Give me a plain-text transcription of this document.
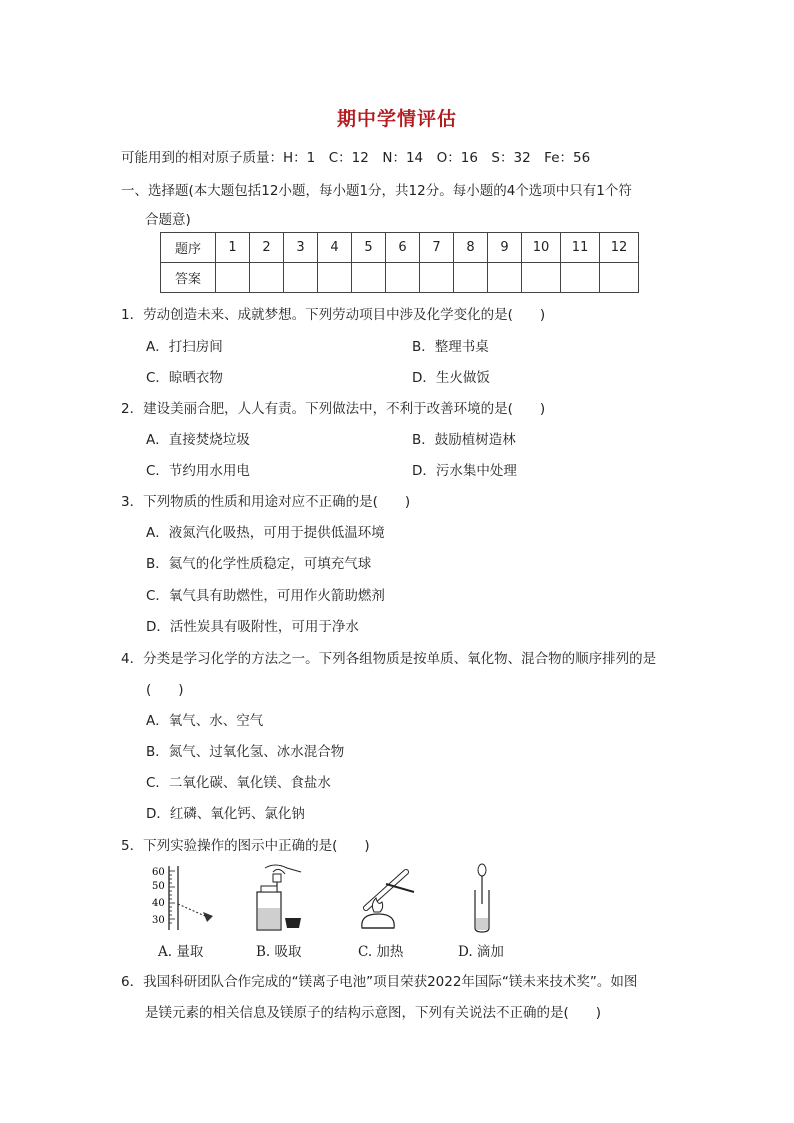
期中学情评估
可能用到的相对原子质量：H：1　C：12　N：14　O：16　S：32　Fe：56
一、选择题(本大题包括12小题，每小题1分，共12分。每小题的4个选项中只有1个符
合题意)
题序	1	2	3	4	5	6	7	8	9	10	11	12
答案												
1．劳动创造未来、成就梦想。下列劳动项目中涉及化学变化的是(　　)
A．打扫房间	B．整理书桌
C．晾晒衣物	D．生火做饭
2．建设美丽合肥，人人有责。下列做法中，不利于改善环境的是(　　)
A．直接焚烧垃圾	B．鼓励植树造林
C．节约用水用电	D．污水集中处理
3．下列物质的性质和用途对应不正确的是(　　)
A．液氮汽化吸热，可用于提供低温环境
B．氦气的化学性质稳定，可填充气球
C．氧气具有助燃性，可用作火箭助燃剂
D．活性炭具有吸附性，可用于净水
4．分类是学习化学的方法之一。下列各组物质是按单质、氧化物、混合物的顺序排列的是
(　　)
A．氧气、水、空气
B．氮气、过氧化氢、冰水混合物
C．二氧化碳、氧化镁、食盐水
D．红磷、氧化钙、氯化钠
5．下列实验操作的图示中正确的是(　　)
60
50
40
30
A. 量取	B. 吸取	C. 加热	D. 滴加
6．我国科研团队合作完成的“镁离子电池”项目荣获2022年国际“镁未来技术奖”。如图
是镁元素的相关信息及镁原子的结构示意图，下列有关说法不正确的是(　　)
